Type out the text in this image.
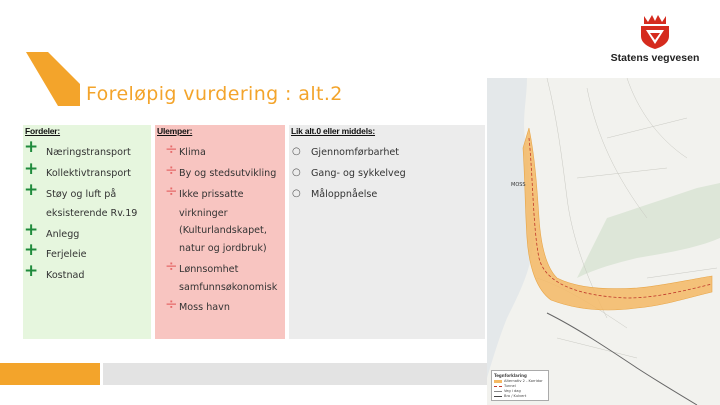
Statens vegvesen
Foreløpig vurdering : alt.2
Fordeler:
+ Næringstransport
+ Kollektivtransport
+ Støy og luft på
eksisterende Rv.19
+ Anlegg
+ Ferjeleie
+ Kostnad
Ulemper:
÷ Klima
÷ By og stedsutvikling
÷ Ikke prissatte
virkninger
(Kulturlandskapet,
natur og jordbruk)
÷ Lønnsomhet
samfunnsøkonomisk
÷ Moss havn
Lik alt.0 eller middels:
○ Gjennomførbarhet
○ Gang- og sykkelveg
○ Måloppnåelse
MOSS
Tegnforklaring
Alternativ 2 - Korridor
Tunnel
Veg i dag
Bro / Kulvert
